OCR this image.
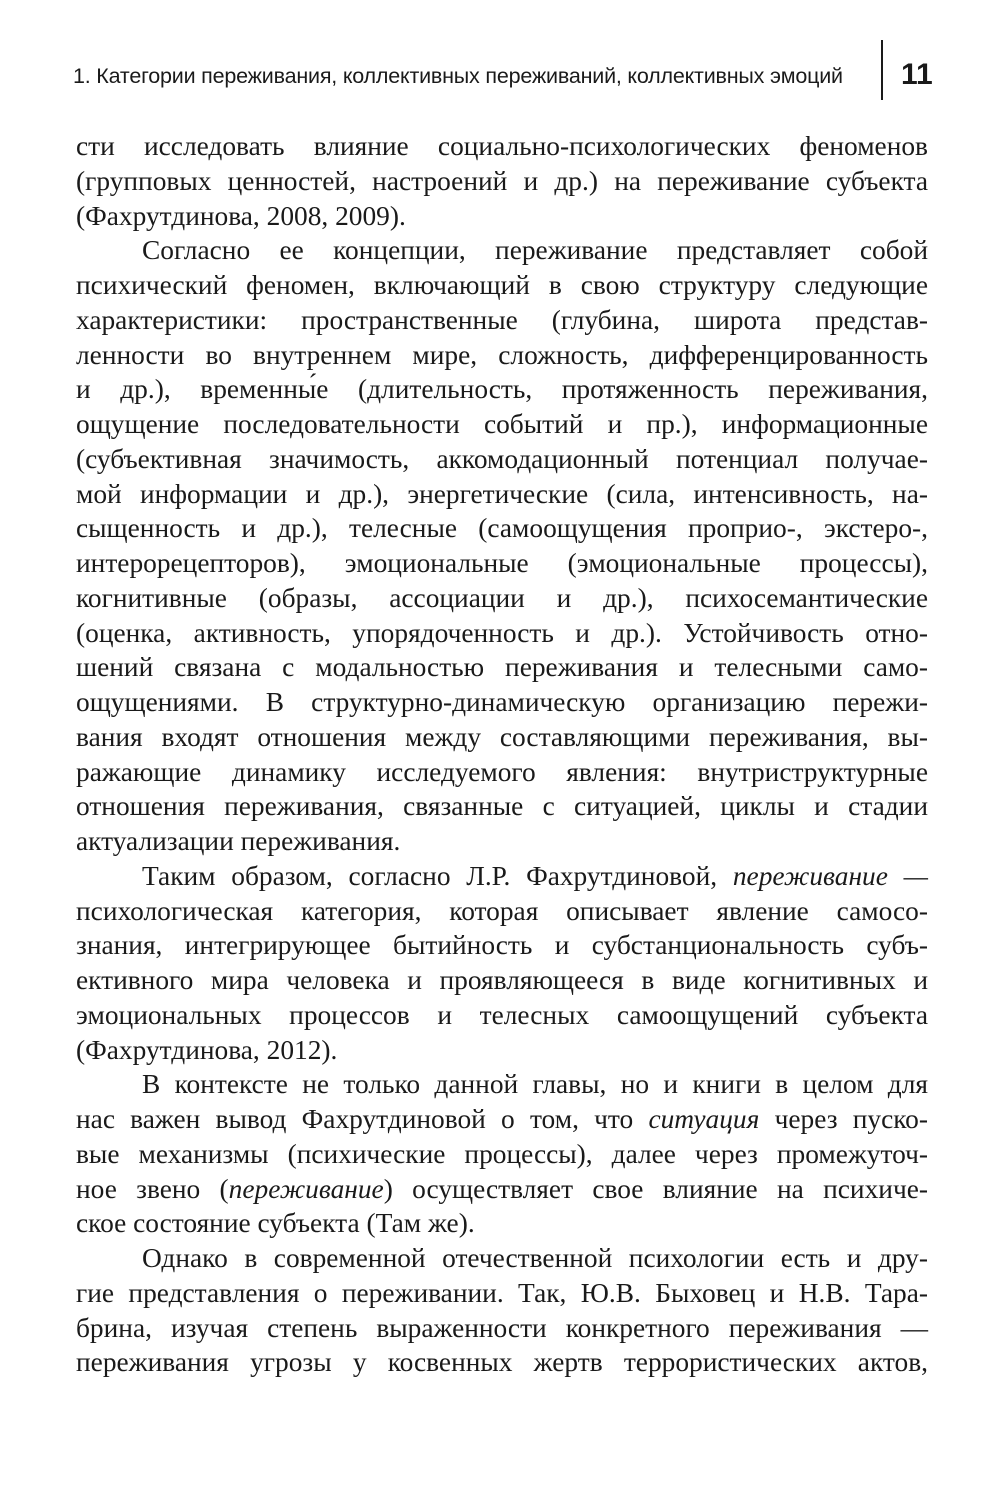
1. Категории переживания, коллективных переживаний, коллективных эмоций 11
сти исследовать влияние социально-психологических феноменов
(групповых ценностей, настроений и др.) на переживание субъекта
(Фахрутдинова, 2008, 2009).
Согласно ее концепции, переживание представляет собой
психический феномен, включающий в свою структуру следующие
характеристики: пространственные (глубина, широта представ-
ленности во внутреннем мире, сложность, дифференцированность
и др.), временны́е (длительность, протяженность переживания,
ощущение последовательности событий и пр.), информационные
(субъективная значимость, аккомодационный потенциал получае-
мой информации и др.), энергетические (сила, интенсивность, на-
сыщенность и др.), телесные (самоощущения проприо-, экстеро-,
интерорецепторов), эмоциональные (эмоциональные процессы),
когнитивные (образы, ассоциации и др.), психосемантические
(оценка, активность, упорядоченность и др.). Устойчивость отно-
шений связана с модальностью переживания и телесными само-
ощущениями. В структурно-динамическую организацию пережи-
вания входят отношения между составляющими переживания, вы-
ражающие динамику исследуемого явления: внутриструктурные
отношения переживания, связанные с ситуацией, циклы и стадии
актуализации переживания.
Таким образом, согласно Л.Р. Фахрутдиновой, переживание —
психологическая категория, которая описывает явление самосо-
знания, интегрирующее бытийность и субстанциональность субъ-
ективного мира человека и проявляющееся в виде когнитивных и
эмоциональных процессов и телесных самоощущений субъекта
(Фахрутдинова, 2012).
В контексте не только данной главы, но и книги в целом для
нас важен вывод Фахрутдиновой о том, что ситуация через пуско-
вые механизмы (психические процессы), далее через промежуточ-
ное звено (переживание) осуществляет свое влияние на психиче-
ское состояние субъекта (Там же).
Однако в современной отечественной психологии есть и дру-
гие представления о переживании. Так, Ю.В. Быховец и Н.В. Тара-
брина, изучая степень выраженности конкретного переживания —
переживания угрозы у косвенных жертв террористических актов,
